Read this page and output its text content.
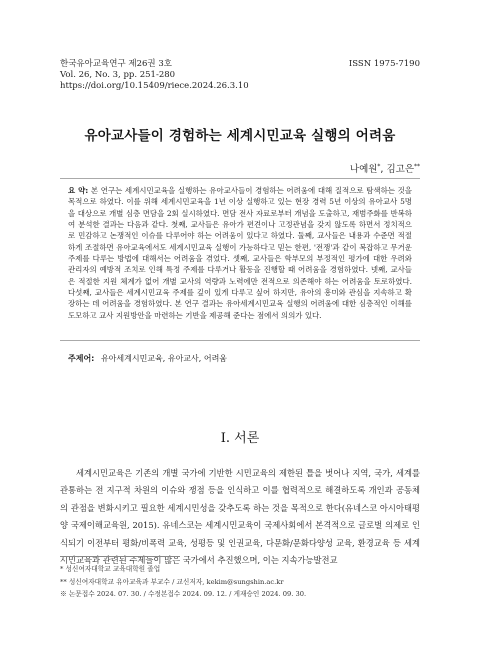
한국유아교육연구 제26권 3호	ISSN 1975-7190
Vol. 26, No. 3, pp. 251-280
https://doi.org/10.15409/riece.2024.26.3.10
유아교사들이 경험하는 세계시민교육 실행의 어려움
나예원*, 김고은**
요 약: 본 연구는 세계시민교육을 실행하는 유아교사들이 경험하는 어려움에 대해 질적으로 탐색하는 것을 목적으로 하였다. 이를 위해 세계시민교육을 1년 이상 실행하고 있는 현장 경력 5년 이상의 유아교사 5명을 대상으로 개별 심층 면담을 2회 실시하였다. 면담 전사 자료로부터 개념을 도출하고, 재범주화를 반복하여 분석한 결과는 다음과 같다. 첫째, 교사들은 유아가 편견이나 고정관념을 갖지 않도록 하면서 정치적으로 민감하고 논쟁적인 이슈를 다루어야 하는 어려움이 있다고 하였다. 둘째, 교사들은 내용과 수준면 적절하게 조절하면 유아교육에서도 세계시민교육 실행이 가능하다고 믿는 한편, '전쟁'과 같이 복잡하고 무거운 주제를 다루는 방법에 대해서는 어려움을 겪었다. 셋째, 교사들은 학부모의 부정적인 평가에 대한 우려와 관리자의 예방적 조치로 인해 특정 주제를 다루거나 활동을 진행할 때 어려움을 경험하였다. 넷째, 교사들은 적절한 지원 체계가 없어 개별 교사의 역량과 노력에만 전적으로 의존해야 하는 어려움을 토로하였다. 다섯째, 교사들은 세계시민교육 주제를 깊이 있게 다루고 싶어 하지만, 유아의 흥미와 관심을 지속하고 확장하는 데 어려움을 경험하였다. 본 연구 결과는 유아세계시민교육 실행의 어려움에 대한 심층적인 이해를 도모하고 교사 지원방안을 마련하는 기반을 제공해 준다는 점에서 의의가 있다.
주제어: 유아세계시민교육, 유아교사, 어려움
Ⅰ. 서론
세계시민교육은 기존의 개별 국가에 기반한 시민교육의 제한된 틀을 벗어나 지역, 국가, 세계를 관통하는 전 지구적 차원의 이슈와 쟁점 등을 인식하고 이를 협력적으로 해결하도록 개인과 공동체의 관점을 변화시키고 필요한 세계시민성을 갖추도록 하는 것을 목적으로 한다(유네스코 아시아태평양 국제이해교육원, 2015). 유네스코는 세계시민교육이 국제사회에서 본격적으로 글로벌 의제로 인식되기 이전부터 평화/비폭력 교육, 성평등 및 인권교육, 다문화/문화다양성 교육, 환경교육 등 세계시민교육과 관련된 주제들이 많은 국가에서 추진했으며, 이는 지속가능발전교
* 성신여자대학교 교육대학원 졸업
** 성신여자대학교 유아교육과 부교수 / 교신저자, kekim@sungshin.ac.kr
※ 논문접수 2024. 07. 30. / 수정본접수 2024. 09. 12. / 게재승인 2024. 09. 30.
